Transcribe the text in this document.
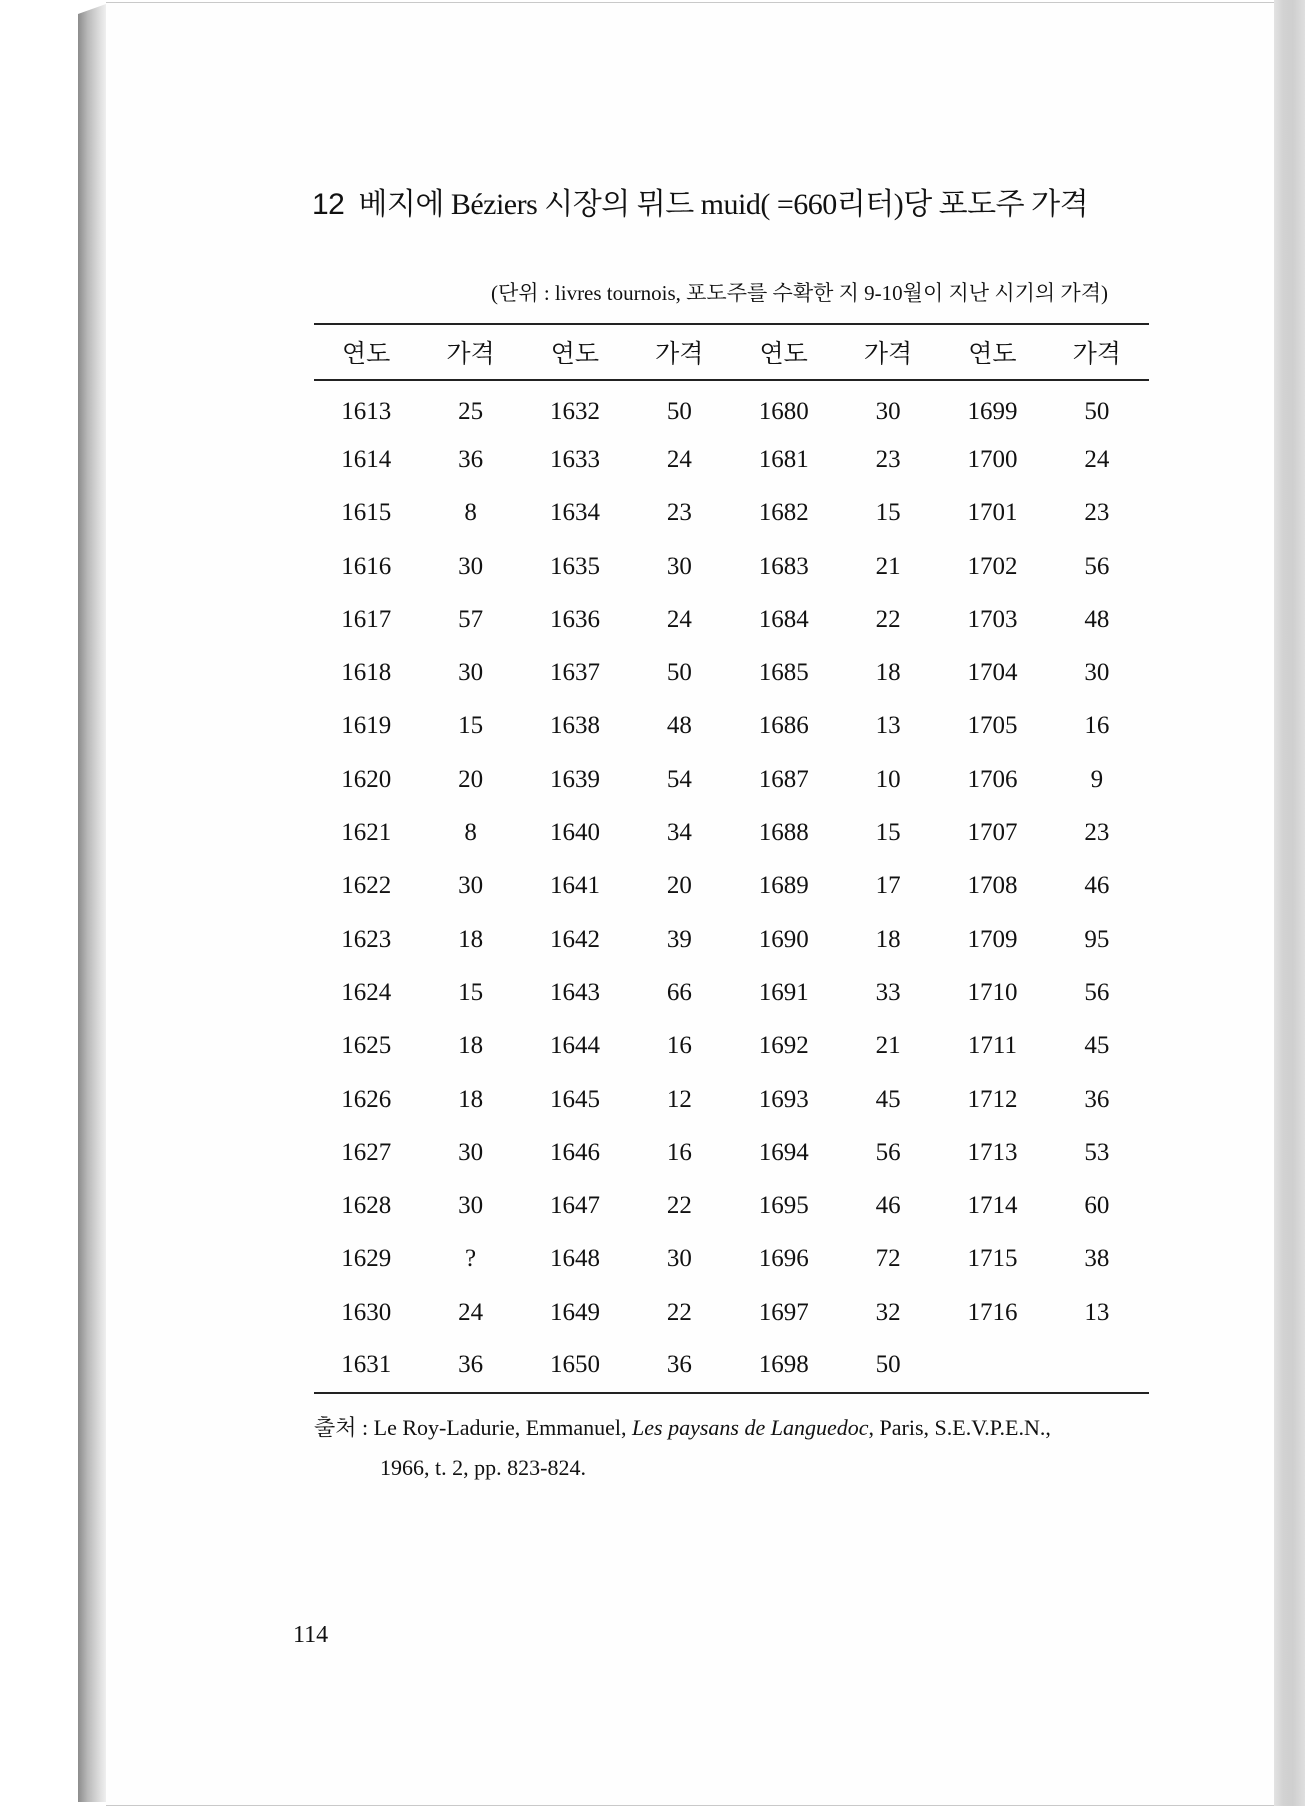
12 베지에 Béziers 시장의 뮈드 muid( =660리터)당 포도주 가격
(단위 : livres tournois, 포도주를 수확한 지 9-10월이 지난 시기의 가격)
연도	가격	연도	가격	연도	가격	연도	가격
1613	25	1632	50	1680	30	1699	50
1614	36	1633	24	1681	23	1700	24
1615	8	1634	23	1682	15	1701	23
1616	30	1635	30	1683	21	1702	56
1617	57	1636	24	1684	22	1703	48
1618	30	1637	50	1685	18	1704	30
1619	15	1638	48	1686	13	1705	16
1620	20	1639	54	1687	10	1706	9
1621	8	1640	34	1688	15	1707	23
1622	30	1641	20	1689	17	1708	46
1623	18	1642	39	1690	18	1709	95
1624	15	1643	66	1691	33	1710	56
1625	18	1644	16	1692	21	1711	45
1626	18	1645	12	1693	45	1712	36
1627	30	1646	16	1694	56	1713	53
1628	30	1647	22	1695	46	1714	60
1629	?	1648	30	1696	72	1715	38
1630	24	1649	22	1697	32	1716	13
1631	36	1650	36	1698	50		
출처 : Le Roy-Ladurie, Emmanuel, Les paysans de Languedoc, Paris, S.E.V.P.E.N.,
1966, t. 2, pp. 823-824.
114
